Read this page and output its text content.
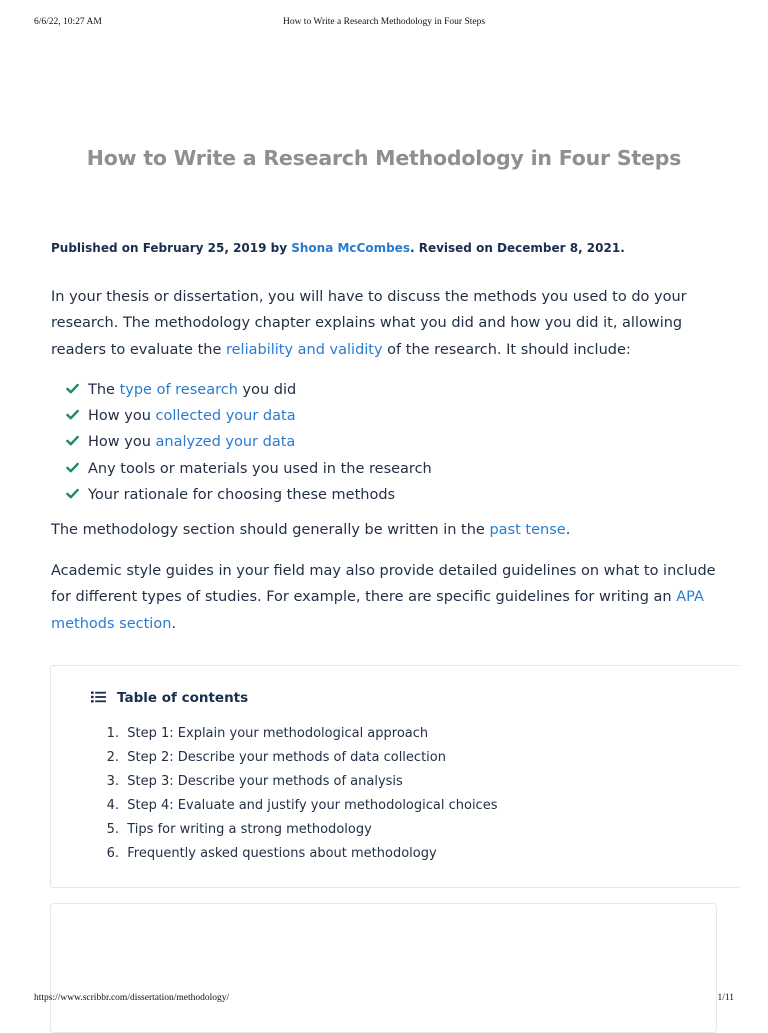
6/6/22, 10:27 AM	How to Write a Research Methodology in Four Steps
How to Write a Research Methodology in Four Steps
Published on February 25, 2019 by Shona McCombes. Revised on December 8, 2021.

In your thesis or dissertation, you will have to discuss the methods you used to do your research. The methodology chapter explains what you did and how you did it, allowing readers to evaluate the reliability and validity of the research. It should include:

The type of research you did
How you collected your data
How you analyzed your data
Any tools or materials you used in the research
Your rationale for choosing these methods

The methodology section should generally be written in the past tense.

Academic style guides in your field may also provide detailed guidelines on what to include for different types of studies. For example, there are specific guidelines for writing an APA methods section.

Table of contents
1. Step 1: Explain your methodological approach
2. Step 2: Describe your methods of data collection
3. Step 3: Describe your methods of analysis
4. Step 4: Evaluate and justify your methodological choices
5. Tips for writing a strong methodology
6. Frequently asked questions about methodology
https://www.scribbr.com/dissertation/methodology/	1/11
